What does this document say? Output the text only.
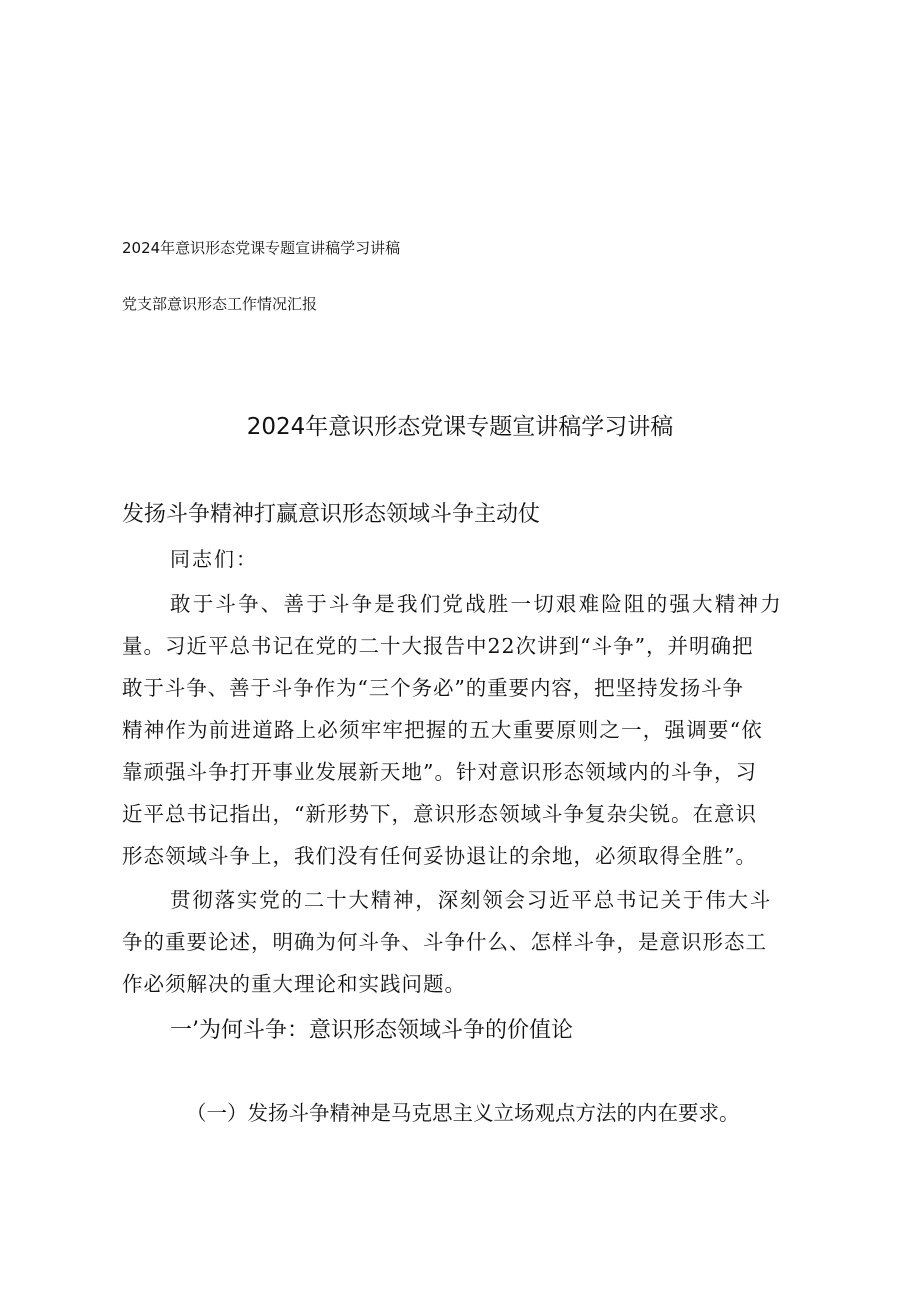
2024年意识形态党课专题宣讲稿学习讲稿
党支部意识形态工作情况汇报
2024年意识形态党课专题宣讲稿学习讲稿
发扬斗争精神打赢意识形态领域斗争主动仗
同志们：
敢于斗争、善于斗争是我们党战胜一切艰难险阻的强大精神力
量。习近平总书记在党的二十大报告中22次讲到“斗争”，并明确把
敢于斗争、善于斗争作为“三个务必”的重要内容，把坚持发扬斗争
精神作为前进道路上必须牢牢把握的五大重要原则之一，强调要“依
靠顽强斗争打开事业发展新天地”。针对意识形态领域内的斗争，习
近平总书记指出，“新形势下，意识形态领域斗争复杂尖锐。在意识
形态领域斗争上，我们没有任何妥协退让的余地，必须取得全胜”。
贯彻落实党的二十大精神，深刻领会习近平总书记关于伟大斗
争的重要论述，明确为何斗争、斗争什么、怎样斗争，是意识形态工
作必须解决的重大理论和实践问题。
一’为何斗争：意识形态领域斗争的价值论
（一）发扬斗争精神是马克思主义立场观点方法的内在要求。
